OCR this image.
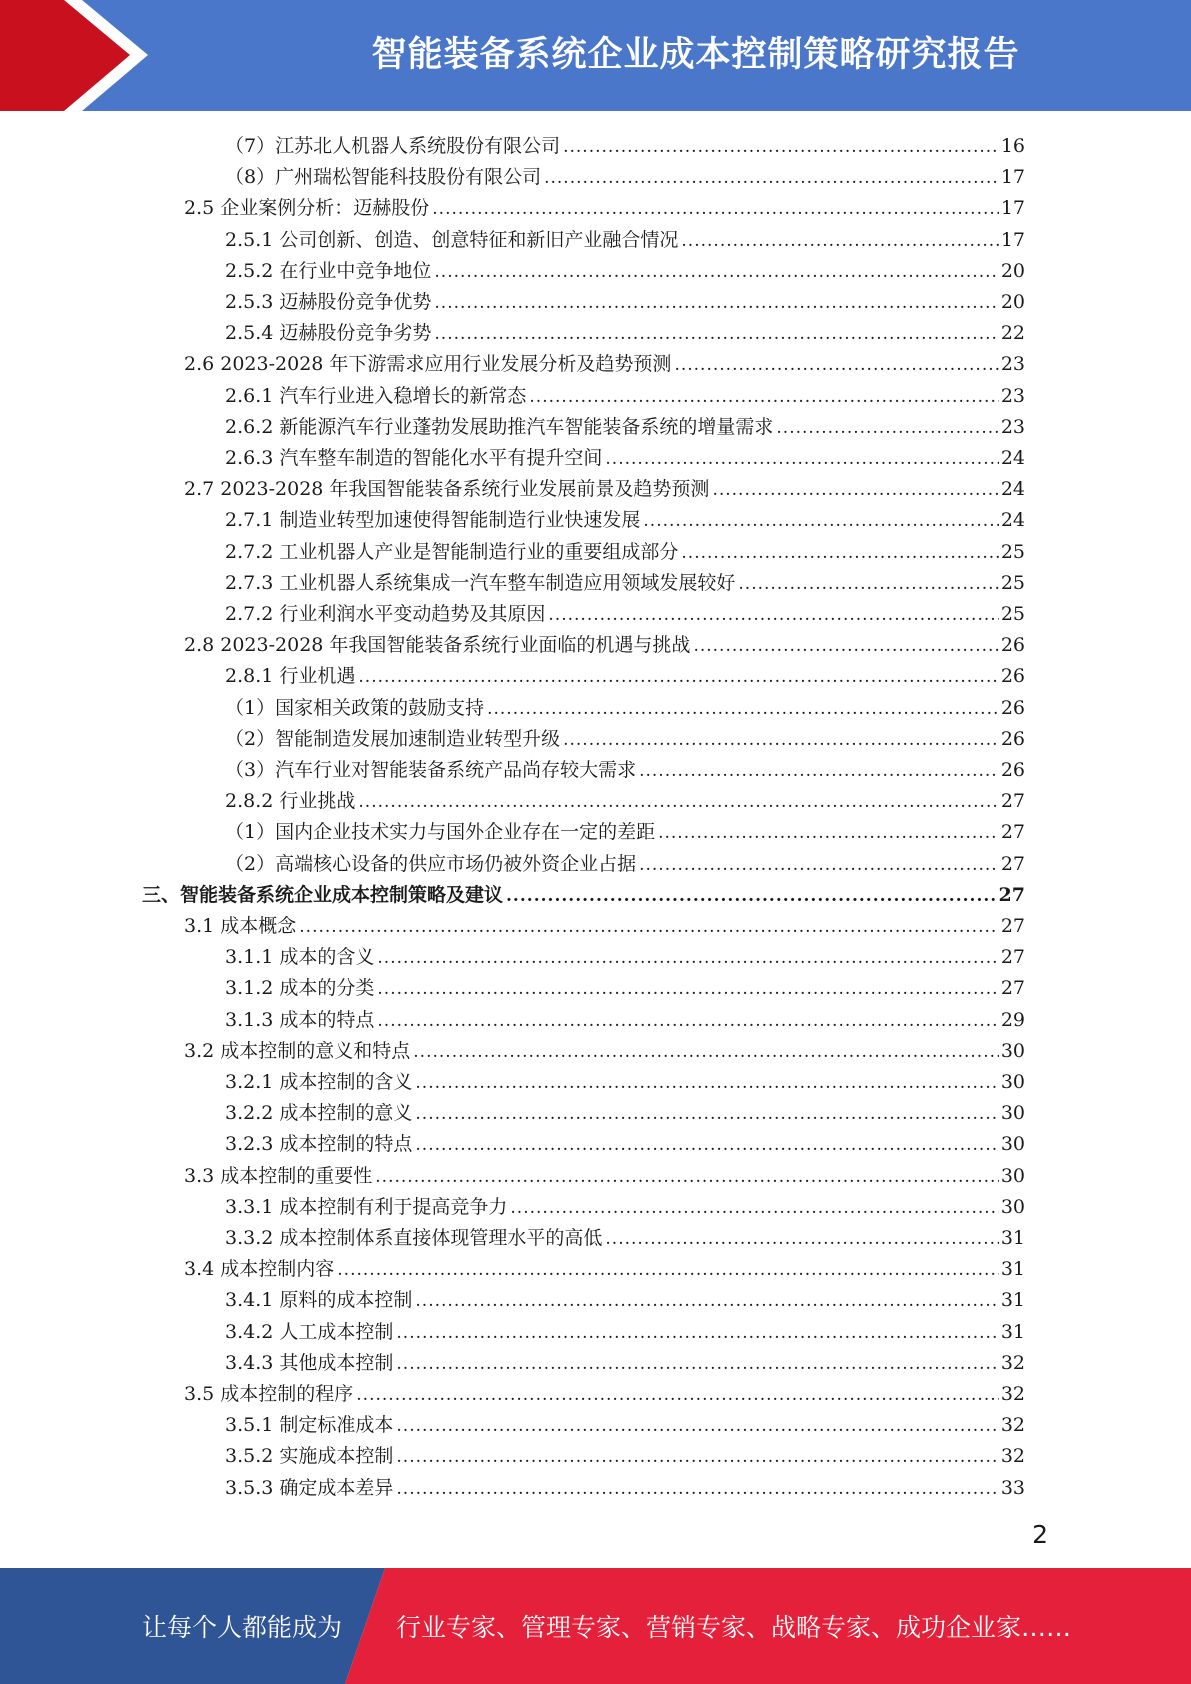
智能装备系统企业成本控制策略研究报告
（7）江苏北人机器人系统股份有限公司 .....	16
（8）广州瑞松智能科技股份有限公司 .....	17
2.5 企业案例分析：迈赫股份 .....	17
2.5.1 公司创新、创造、创意特征和新旧产业融合情况 .....	17
2.5.2 在行业中竞争地位 .....	20
2.5.3 迈赫股份竞争优势 .....	20
2.5.4 迈赫股份竞争劣势 .....	22
2.6 2023-2028 年下游需求应用行业发展分析及趋势预测 .....	23
2.6.1 汽车行业进入稳增长的新常态 .....	23
2.6.2 新能源汽车行业蓬勃发展助推汽车智能装备系统的增量需求 .....	23
2.6.3 汽车整车制造的智能化水平有提升空间 .....	24
2.7 2023-2028 年我国智能装备系统行业发展前景及趋势预测 .....	24
2.7.1 制造业转型加速使得智能制造行业快速发展 .....	24
2.7.2 工业机器人产业是智能制造行业的重要组成部分 .....	25
2.7.3 工业机器人系统集成一汽车整车制造应用领域发展较好 .....	25
2.7.2 行业利润水平变动趋势及其原因 .....	25
2.8 2023-2028 年我国智能装备系统行业面临的机遇与挑战 .....	26
2.8.1 行业机遇 .....	26
（1）国家相关政策的鼓励支持 .....	26
（2）智能制造发展加速制造业转型升级 .....	26
（3）汽车行业对智能装备系统产品尚存较大需求 .....	26
2.8.2 行业挑战 .....	27
（1）国内企业技术实力与国外企业存在一定的差距 .....	27
（2）高端核心设备的供应市场仍被外资企业占据 .....	27
三、智能装备系统企业成本控制策略及建议 .....	27
3.1 成本概念 .....	27
3.1.1 成本的含义 .....	27
3.1.2 成本的分类 .....	27
3.1.3 成本的特点 .....	29
3.2 成本控制的意义和特点 .....	30
3.2.1 成本控制的含义 .....	30
3.2.2 成本控制的意义 .....	30
3.2.3 成本控制的特点 .....	30
3.3 成本控制的重要性 .....	30
3.3.1 成本控制有利于提高竞争力 .....	30
3.3.2 成本控制体系直接体现管理水平的高低 .....	31
3.4 成本控制内容 .....	31
3.4.1 原料的成本控制 .....	31
3.4.2 人工成本控制 .....	31
3.4.3 其他成本控制 .....	32
3.5 成本控制的程序 .....	32
3.5.1 制定标准成本 .....	32
3.5.2 实施成本控制 .....	32
3.5.3 确定成本差异 .....	33
2
让每个人都能成为 行业专家、管理专家、营销专家、战略专家、成功企业家……
